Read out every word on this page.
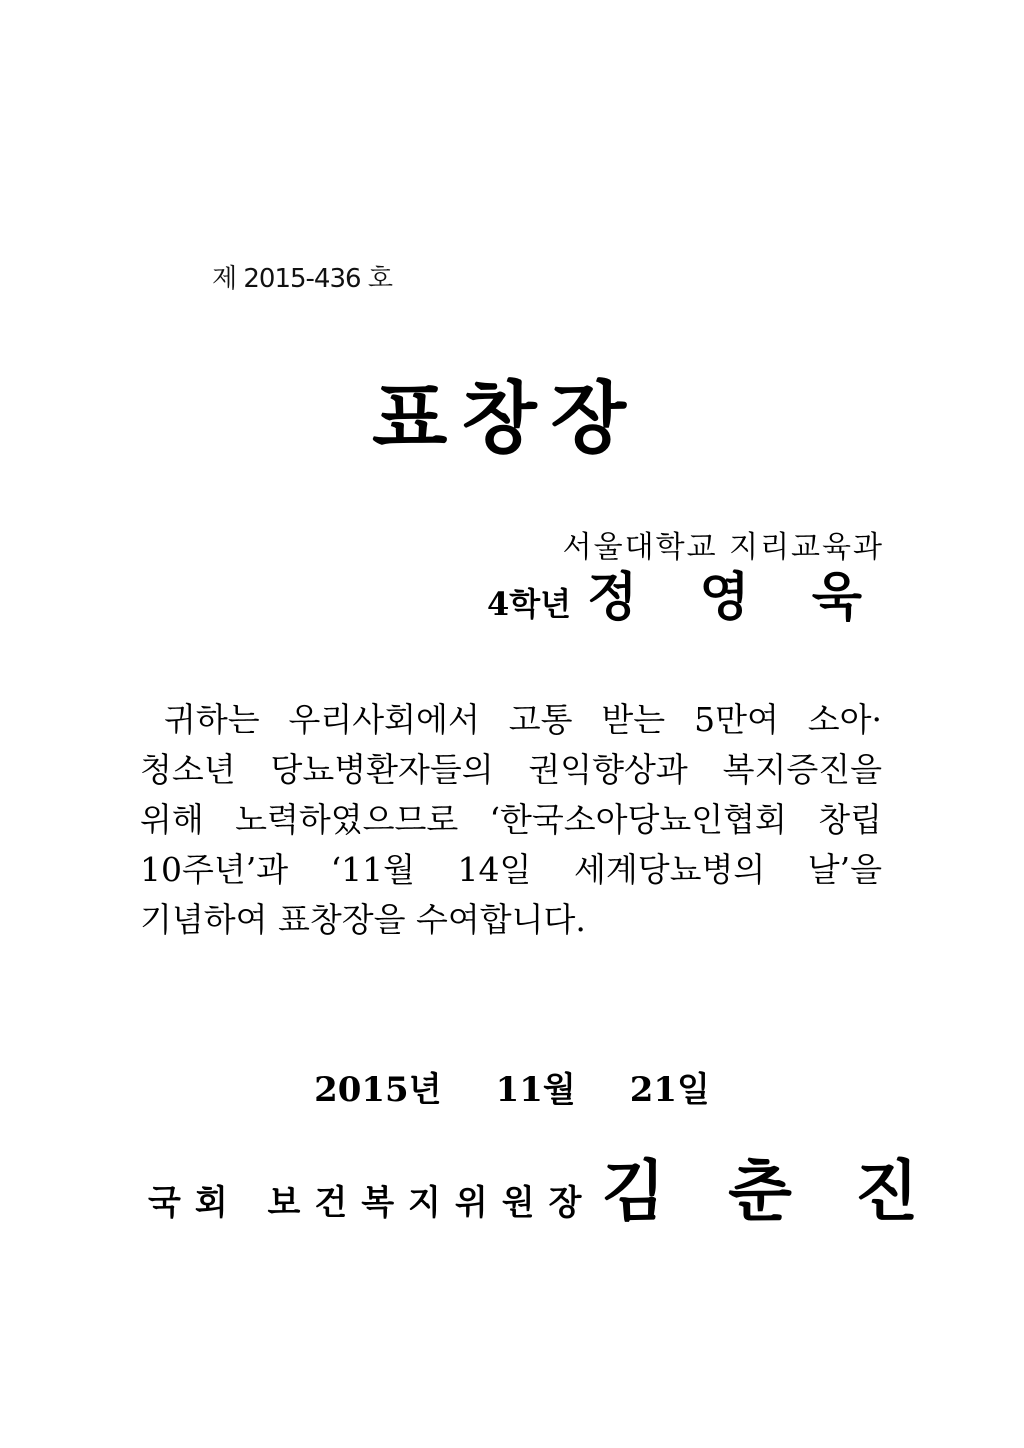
제 2015-436 호
표창장
서울대학교 지리교육과
4학년 정 영 욱
귀하는 우리사회에서 고통 받는 5만여 소아·청소년 당뇨병환자들의 권익향상과 복지증진을 위해 노력하였으므로 ‘한국소아당뇨인협회 창립 10주년’과 ‘11월 14일 세계당뇨병의 날’을 기념하여 표창장을 수여합니다.
2015년 11월 21일
국회 보건복지위원장김 춘 진
